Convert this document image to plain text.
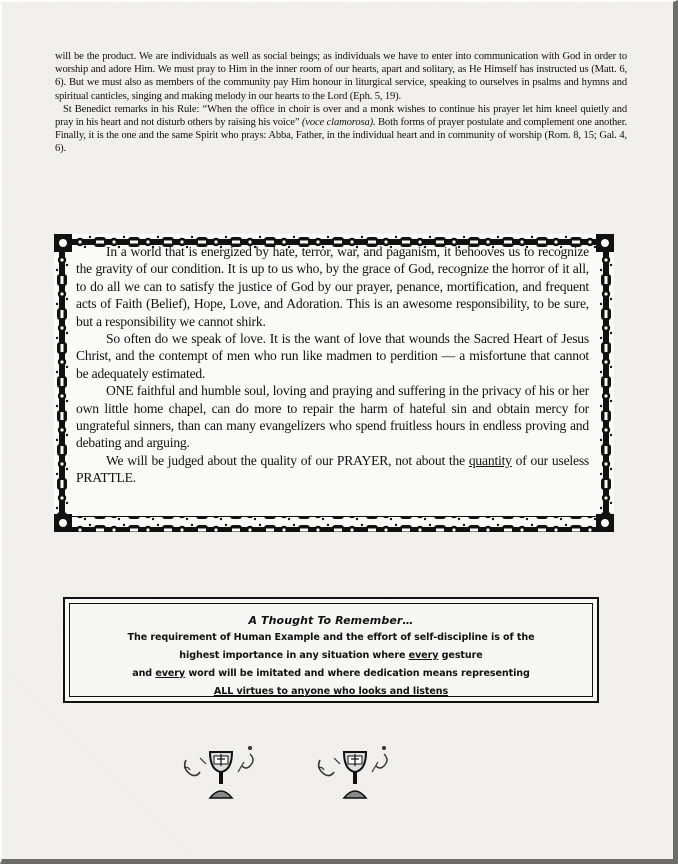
will be the product. We are individuals as well as social beings; as individuals we have to enter into communication with God in order to worship and adore Him. We must pray to Him in the inner room of our hearts, apart and solitary, as He Himself has instructed us (Matt. 6, 6). But we must also as members of the community pay Him honour in liturgical service, speaking to ourselves in psalms and hymns and spiritual canticles, singing and making melody in our hearts to the Lord (Eph. 5, 19).

St Benedict remarks in his Rule: “When the office in choir is over and a monk wishes to continue his prayer let him kneel quietly and pray in his heart and not disturb others by raising his voice” (voce clamorosa). Both forms of prayer postulate and complement one another. Finally, it is the one and the same Spirit who prays: Abba, Father, in the individual heart and in community of worship (Rom. 8, 15; Gal. 4, 6).

In a world that is energized by hate, terror, war, and paganism, it behooves us to recognize the gravity of our condition. It is up to us who, by the grace of God, recognize the horror of it all, to do all we can to satisfy the justice of God by our prayer, penance, mortification, and frequent acts of Faith (Belief), Hope, Love, and Adoration. This is an awesome responsibility, to be sure, but a responsibility we cannot shirk.

So often do we speak of love. It is the want of love that wounds the Sacred Heart of Jesus Christ, and the contempt of men who run like madmen to perdition — a misfortune that cannot be adequately estimated.

ONE faithful and humble soul, loving and praying and suffering in the privacy of his or her own little home chapel, can do more to repair the harm of hateful sin and obtain mercy for ungrateful sinners, than can many evangelizers who spend fruitless hours in endless proving and debating and arguing.

We will be judged about the quality of our PRAYER, not about the quantity of our useless PRATTLE.

A Thought To Remember…
The requirement of Human Example and the effort of self-discipline is of the
highest importance in any situation where every gesture
and every word will be imitated and where dedication means representing
ALL virtues to anyone who looks and listens
